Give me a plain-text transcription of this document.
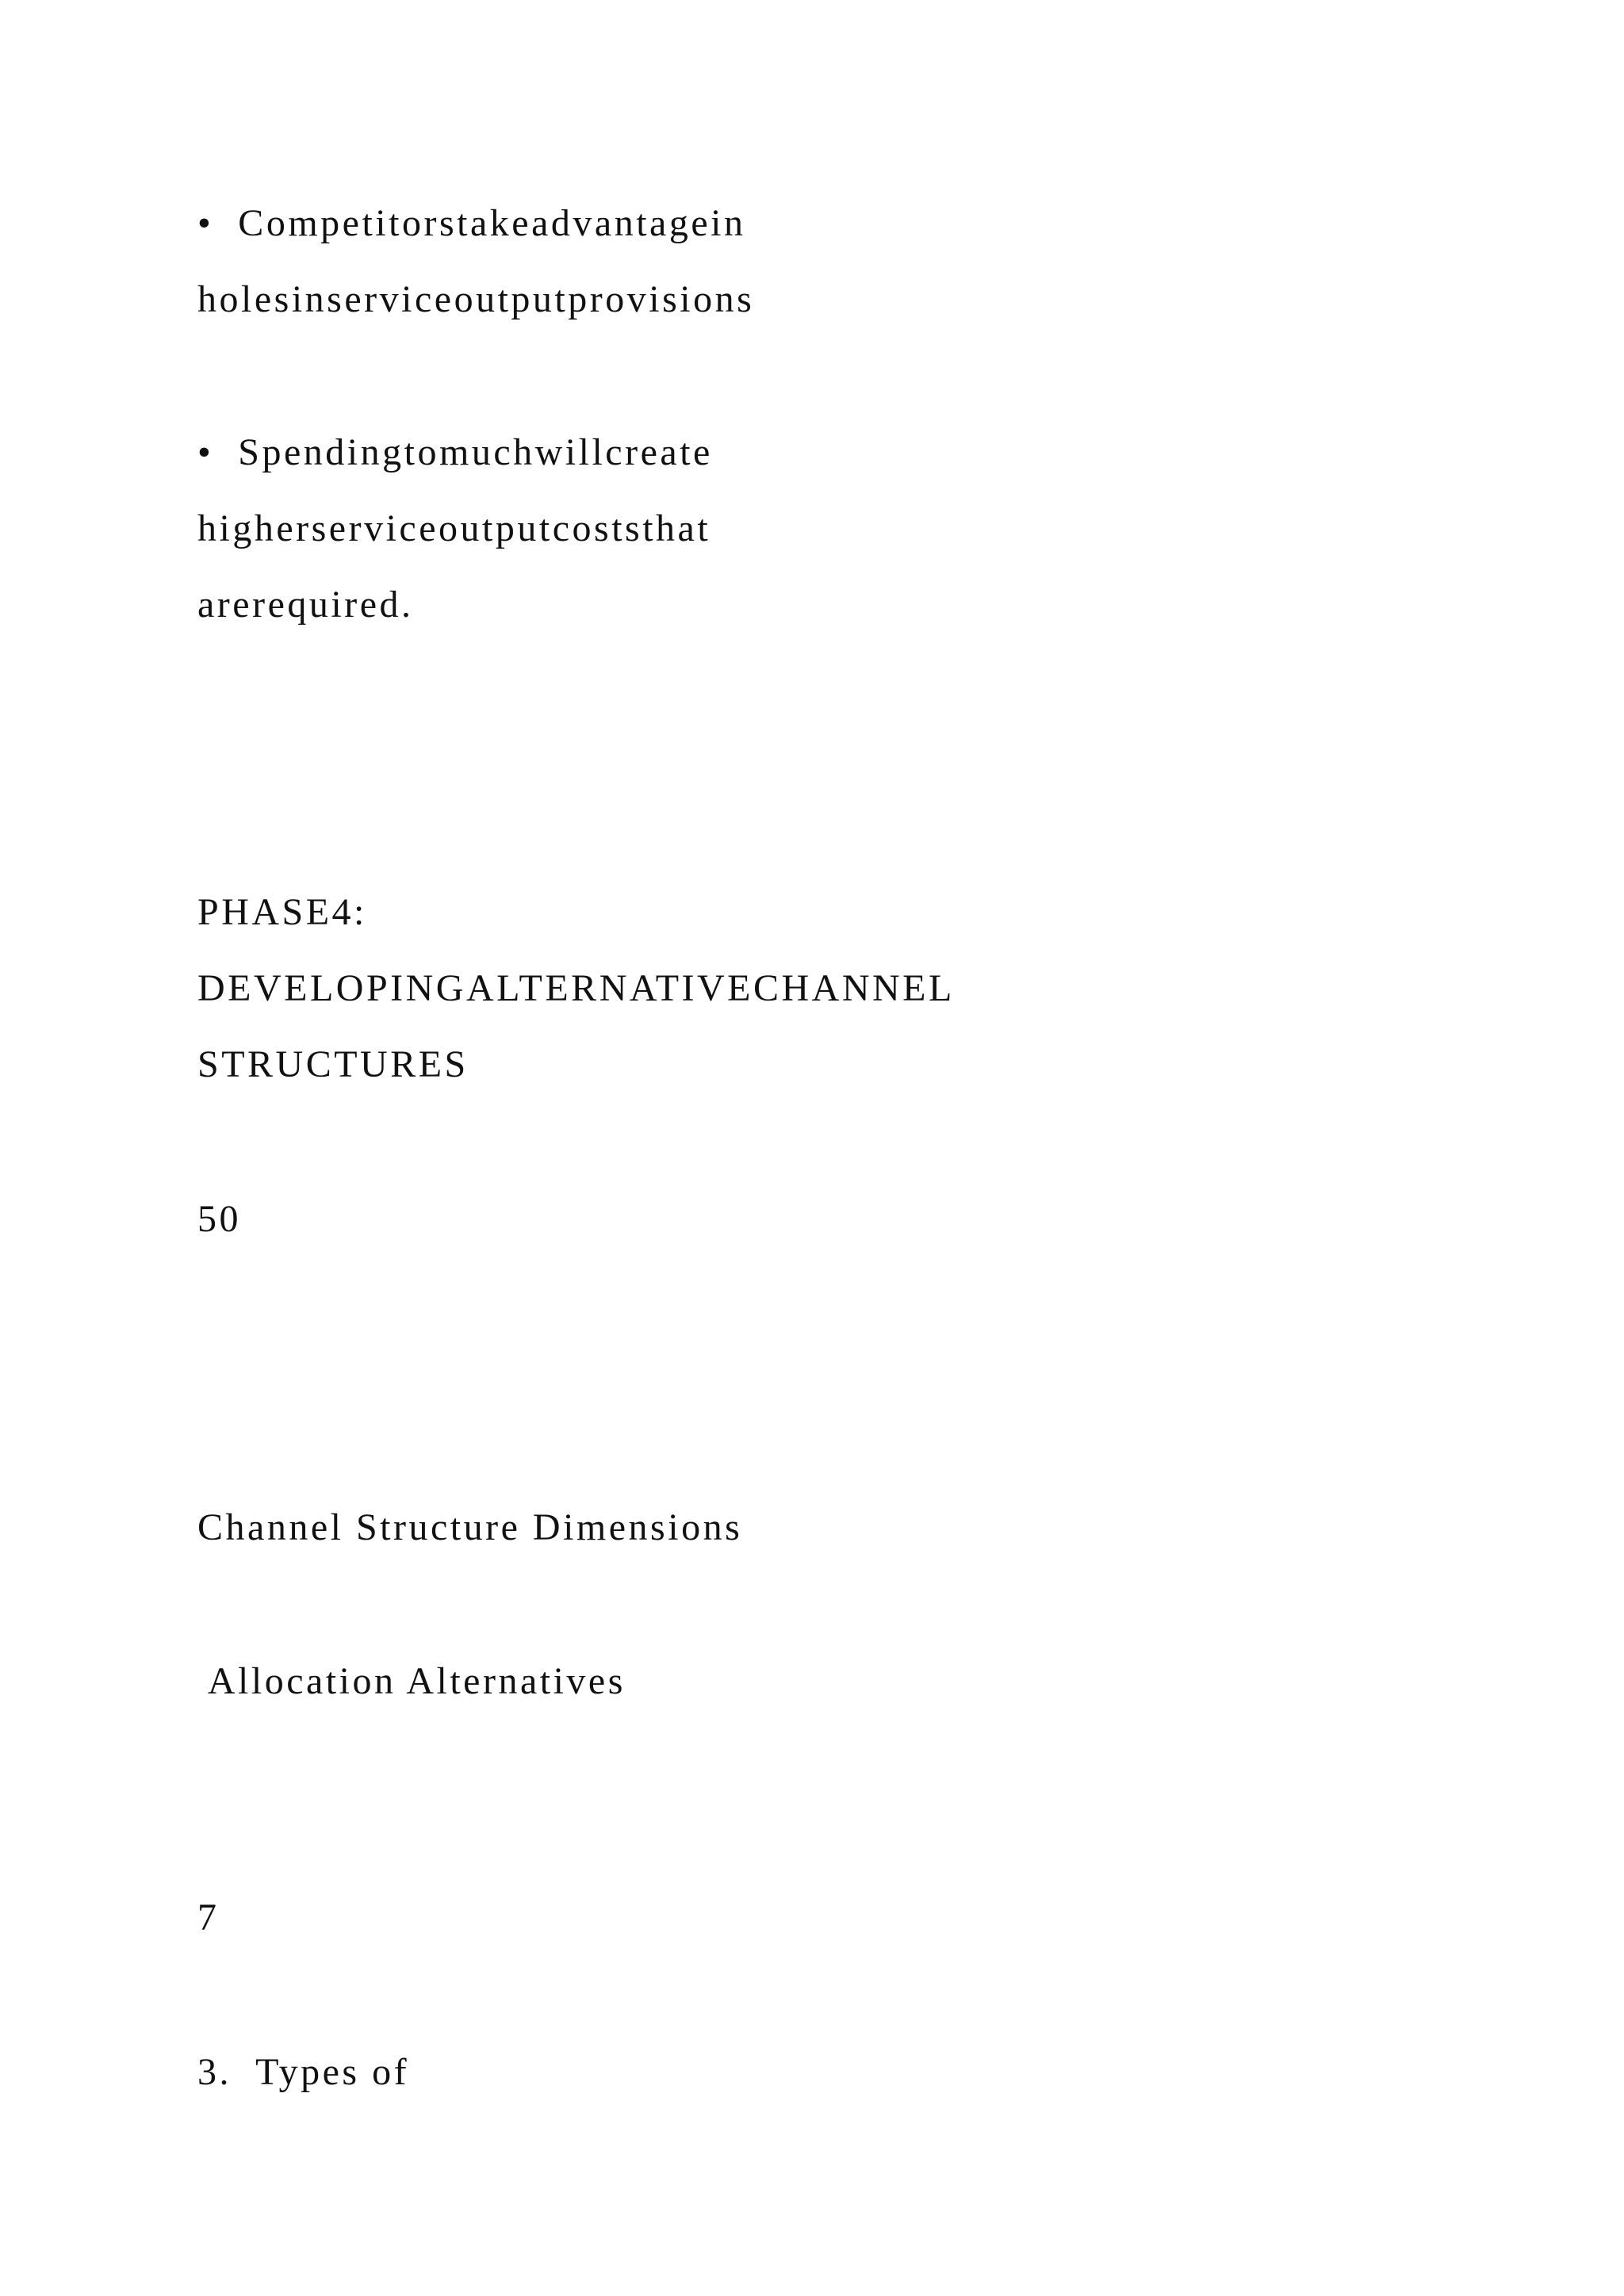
•  Competitorstakeadvantagein

holesinserviceoutputprovisions

•  Spendingtomuchwillcreate

higherserviceoutputcoststhat

arerequired.

PHASE4:

DEVELOPINGALTERNATIVECHANNEL

STRUCTURES

50

Channel Structure Dimensions

Allocation Alternatives

7

3.  Types of
